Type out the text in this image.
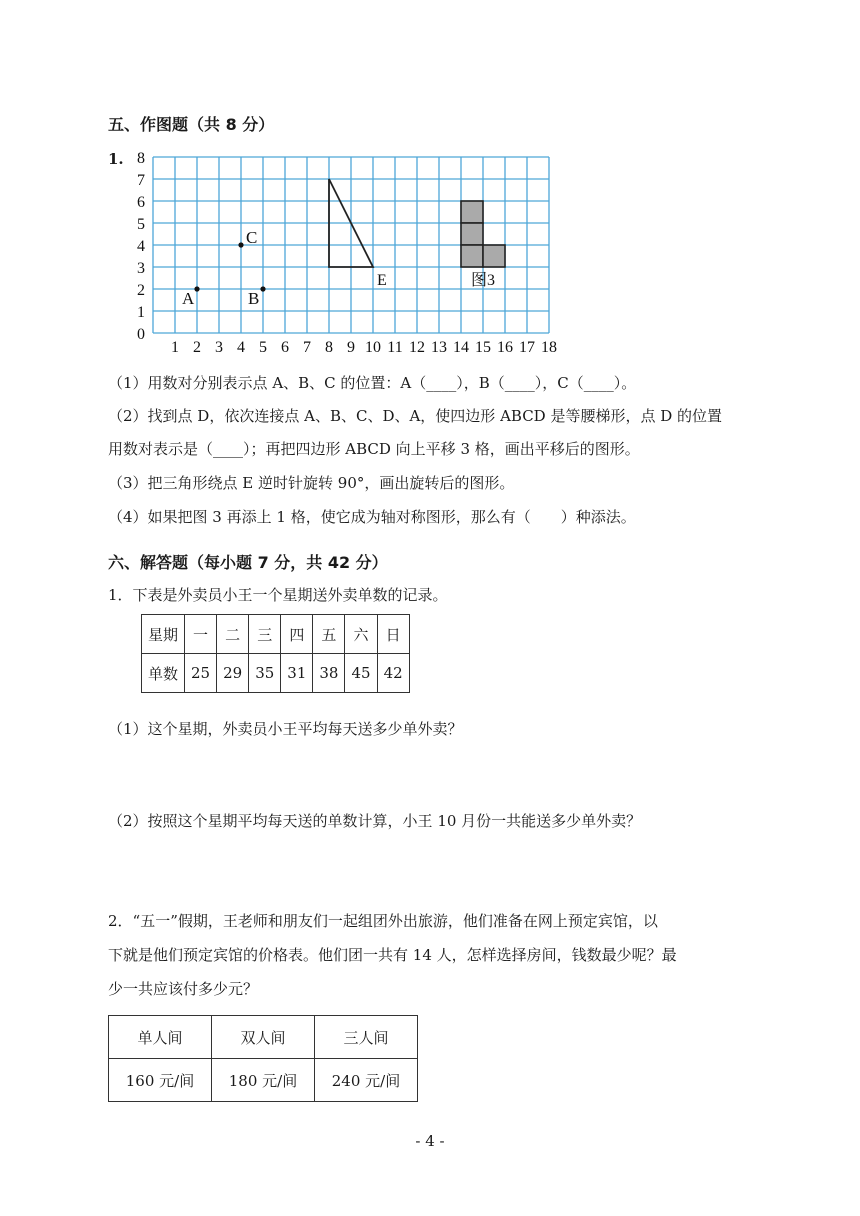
五、作图题（共 8 分）
1.
1 2 3 4 5 6 7 8 9 10 11 12 13 14 15 16 17 18
0
1
2
3
4
5
6
7
8
图3
E
A	B
C
（1）用数对分别表示点 A、B、C 的位置：A（____），B（____），C（____）。
（2）找到点 D，依次连接点 A、B、C、D、A，使四边形 ABCD 是等腰梯形，点 D 的位置
用数对表示是（____）；再把四边形 ABCD 向上平移 3 格，画出平移后的图形。
（3）把三角形绕点 E 逆时针旋转 90°，画出旋转后的图形。
（4）如果把图 3 再添上 1 格，使它成为轴对称图形，那么有（　　）种添法。
六、解答题（每小题 7 分，共 42 分）
1．下表是外卖员小王一个星期送外卖单数的记录。
星期	一	二	三	四	五	六	日
单数	25	29	35	31	38	45	42
（1）这个星期，外卖员小王平均每天送多少单外卖？
（2）按照这个星期平均每天送的单数计算，小王 10 月份一共能送多少单外卖？
2．“五一”假期，王老师和朋友们一起组团外出旅游，他们准备在网上预定宾馆，以
下就是他们预定宾馆的价格表。他们团一共有 14 人，怎样选择房间，钱数最少呢？最
少一共应该付多少元？
单人间	双人间	三人间
160 元/间	180 元/间	240 元/间
- 4 -
